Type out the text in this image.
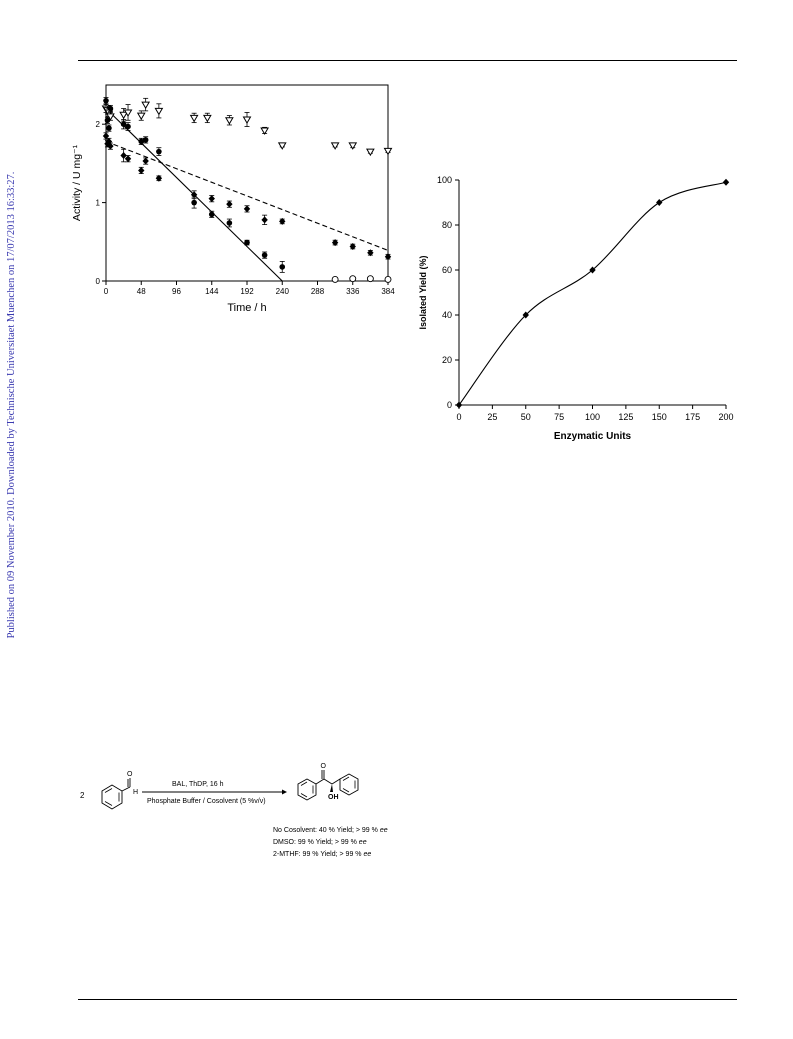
Published on 09 November 2010. Downloaded by Technische Universitaet Muenchen on 17/07/2013 16:33:27.	0	48	96	144	192	240	288	336	384
0
1
2
Time / h
Activity / U mg⁻¹
0	25	50	75 100 125 150 175 200
0
20
40
60
80
100
Enzymatic Units
Isolated Yield (%)
2
O
H
BAL, ThDP, 16 h
Phosphate Buffer / Cosolvent (5 %v/v)
O
OH
No Cosolvent: 40 % Yield; > 99 % ee
DMSO: 99 % Yield; > 99 % ee
2-MTHF: 99 % Yield; > 99 % ee
